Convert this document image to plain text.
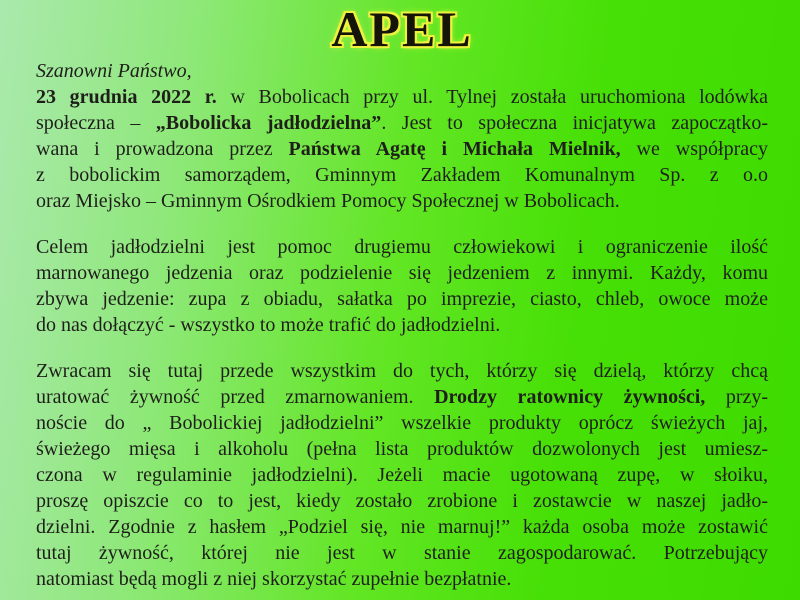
APEL
Szanowni Państwo,
23 grudnia 2022 r. w Bobolicach przy ul. Tylnej została uruchomiona lodówka
społeczna – „Bobolicka jadłodzielna”. Jest to społeczna inicjatywa zapoczątko-
wana i prowadzona przez Państwa Agatę i Michała Mielnik, we współpracy
z bobolickim samorządem, Gminnym Zakładem Komunalnym Sp. z o.o
oraz Miejsko – Gminnym Ośrodkiem Pomocy Społecznej w Bobolicach.
Celem jadłodzielni jest pomoc drugiemu człowiekowi i ograniczenie ilość
marnowanego jedzenia oraz podzielenie się jedzeniem z innymi. Każdy, komu
zbywa jedzenie: zupa z obiadu, sałatka po imprezie, ciasto, chleb, owoce może
do nas dołączyć - wszystko to może trafić do jadłodzielni.
Zwracam się tutaj przede wszystkim do tych, którzy się dzielą, którzy chcą
uratować żywność przed zmarnowaniem. Drodzy ratownicy żywności, przy-
noście do „ Bobolickiej jadłodzielni” wszelkie produkty oprócz świeżych jaj,
świeżego mięsa i alkoholu (pełna lista produktów dozwolonych jest umiesz-
czona w regulaminie jadłodzielni). Jeżeli macie ugotowaną zupę, w słoiku,
proszę opiszcie co to jest, kiedy zostało zrobione i zostawcie w naszej jadło-
dzielni. Zgodnie z hasłem „Podziel się, nie marnuj!” każda osoba może zostawić
tutaj żywność, której nie jest w stanie zagospodarować. Potrzebujący
natomiast będą mogli z niej skorzystać zupełnie bezpłatnie.
